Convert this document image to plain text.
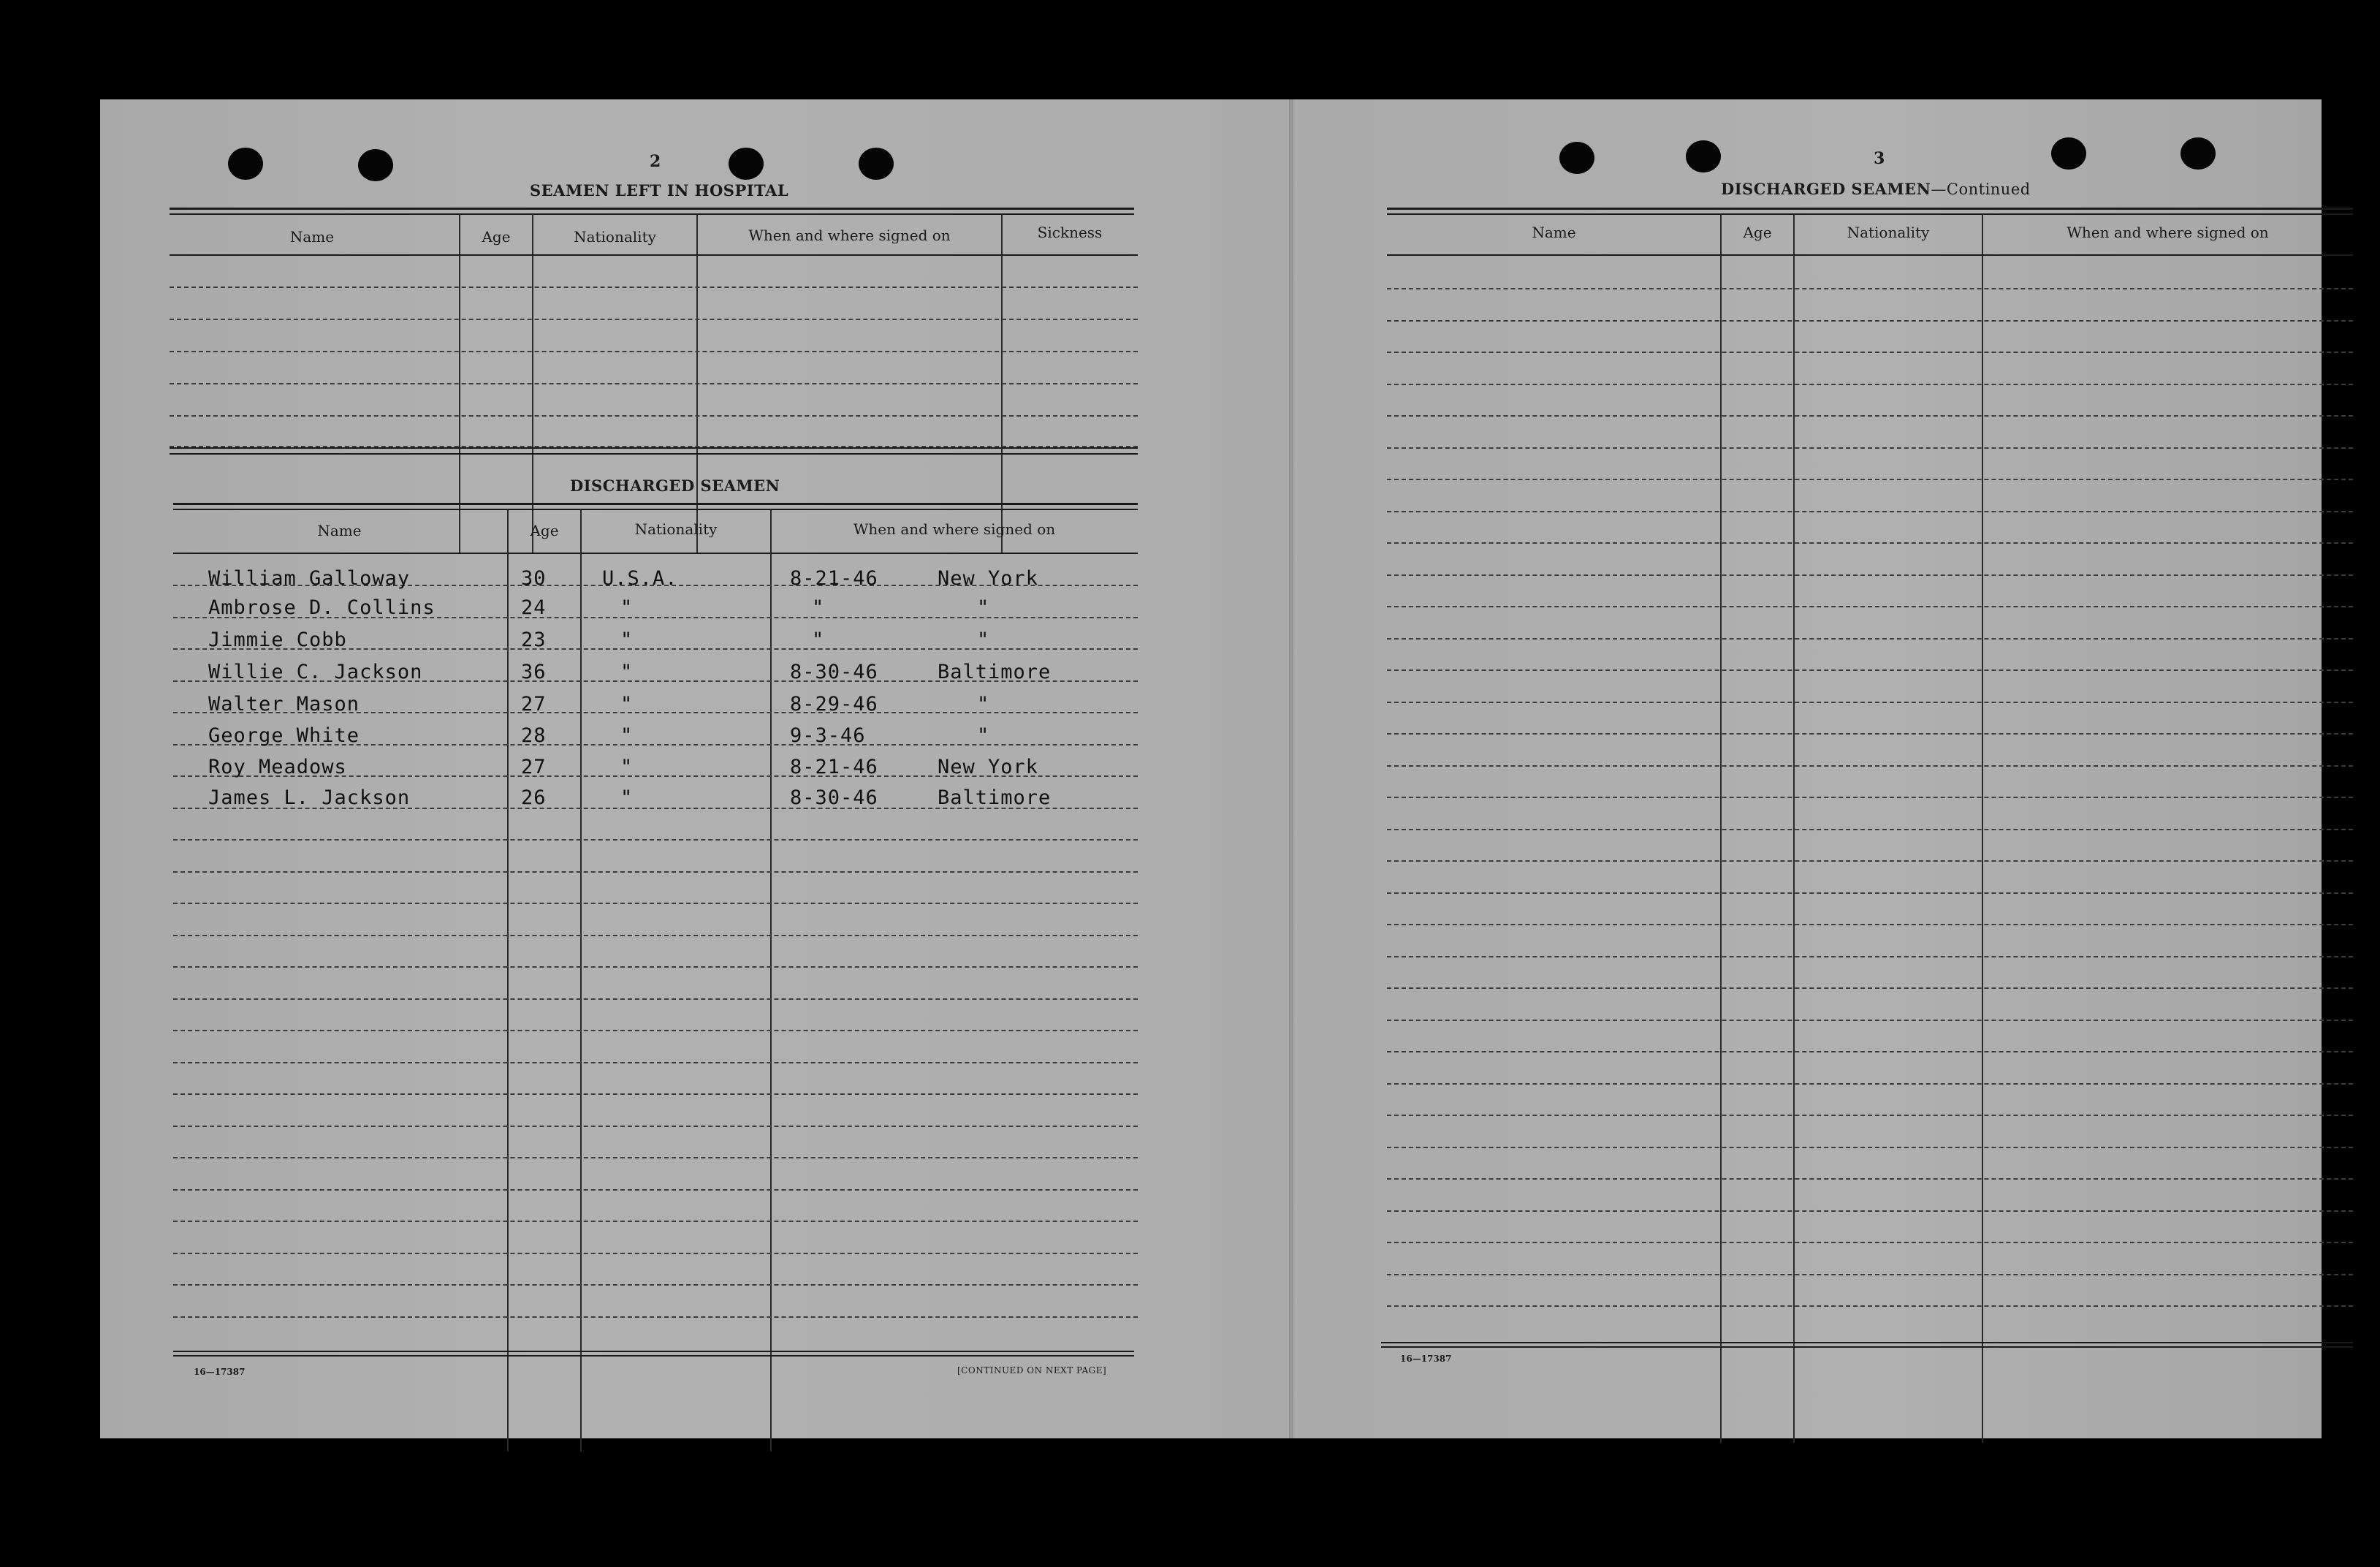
2
SEAMEN LEFT IN HOSPITAL
Name	Age	Nationality	When and where signed on	Sickness
DISCHARGED SEAMEN
Name	Age	Nationality	When and where signed on
William Galloway	30	U.S.A.	8-21-46	New York
Ambrose D. Collins	24	"	"	"
Jimmie Cobb	23	"	"	"
Willie C. Jackson	36	"	8-30-46	Baltimore
Walter Mason	27	"	8-29-46	"
George White	28	"	9-3-46	"
Roy Meadows	27	"	8-21-46	New York
James L. Jackson	26	"	8-30-46	Baltimore
16—17387	[CONTINUED ON NEXT PAGE]
3
DISCHARGED SEAMEN—Continued
Name	Age	Nationality	When and where signed on
16—17387
